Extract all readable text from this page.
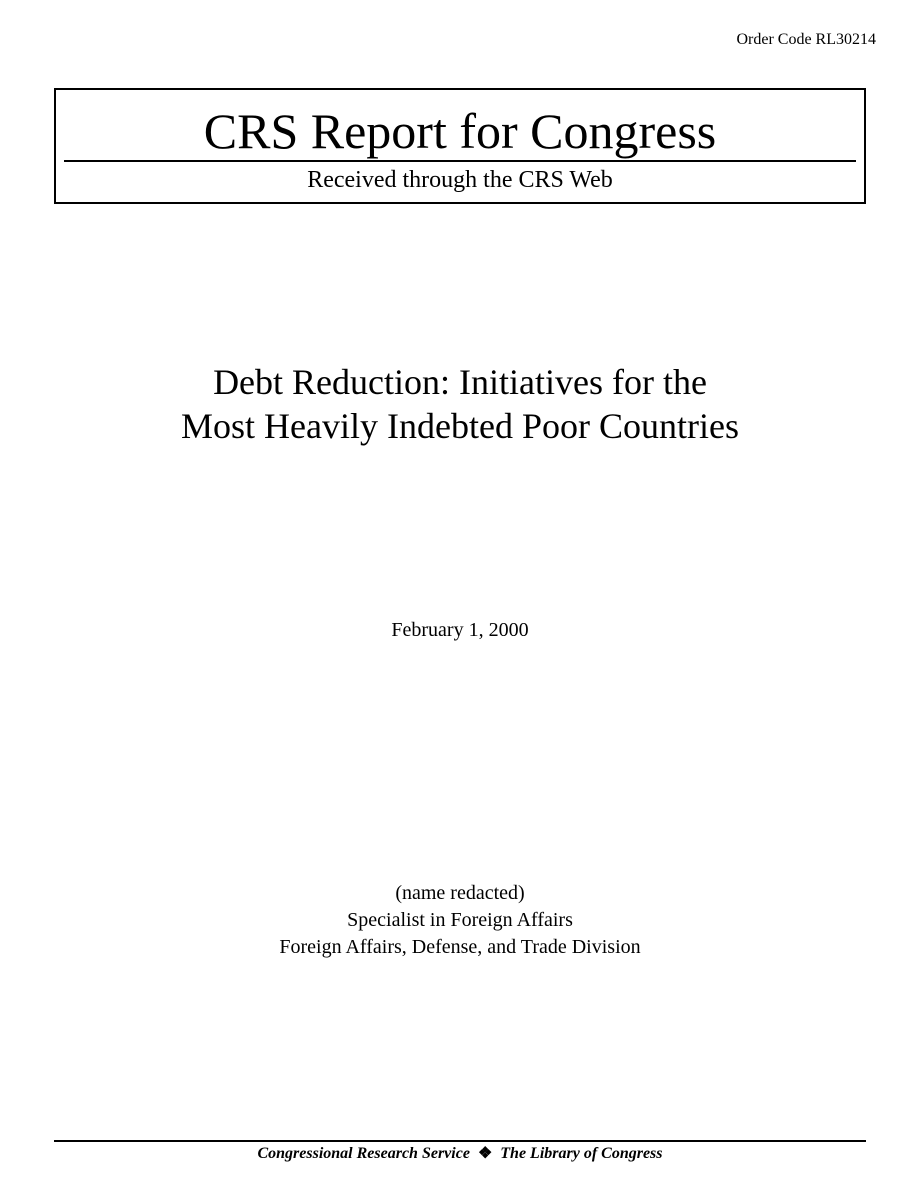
Order Code RL30214
CRS Report for Congress
Received through the CRS Web
Debt Reduction: Initiatives for the
Most Heavily Indebted Poor Countries
February 1, 2000
(name redacted)
Specialist in Foreign Affairs
Foreign Affairs, Defense, and Trade Division
Congressional Research Service ❖ The Library of Congress
